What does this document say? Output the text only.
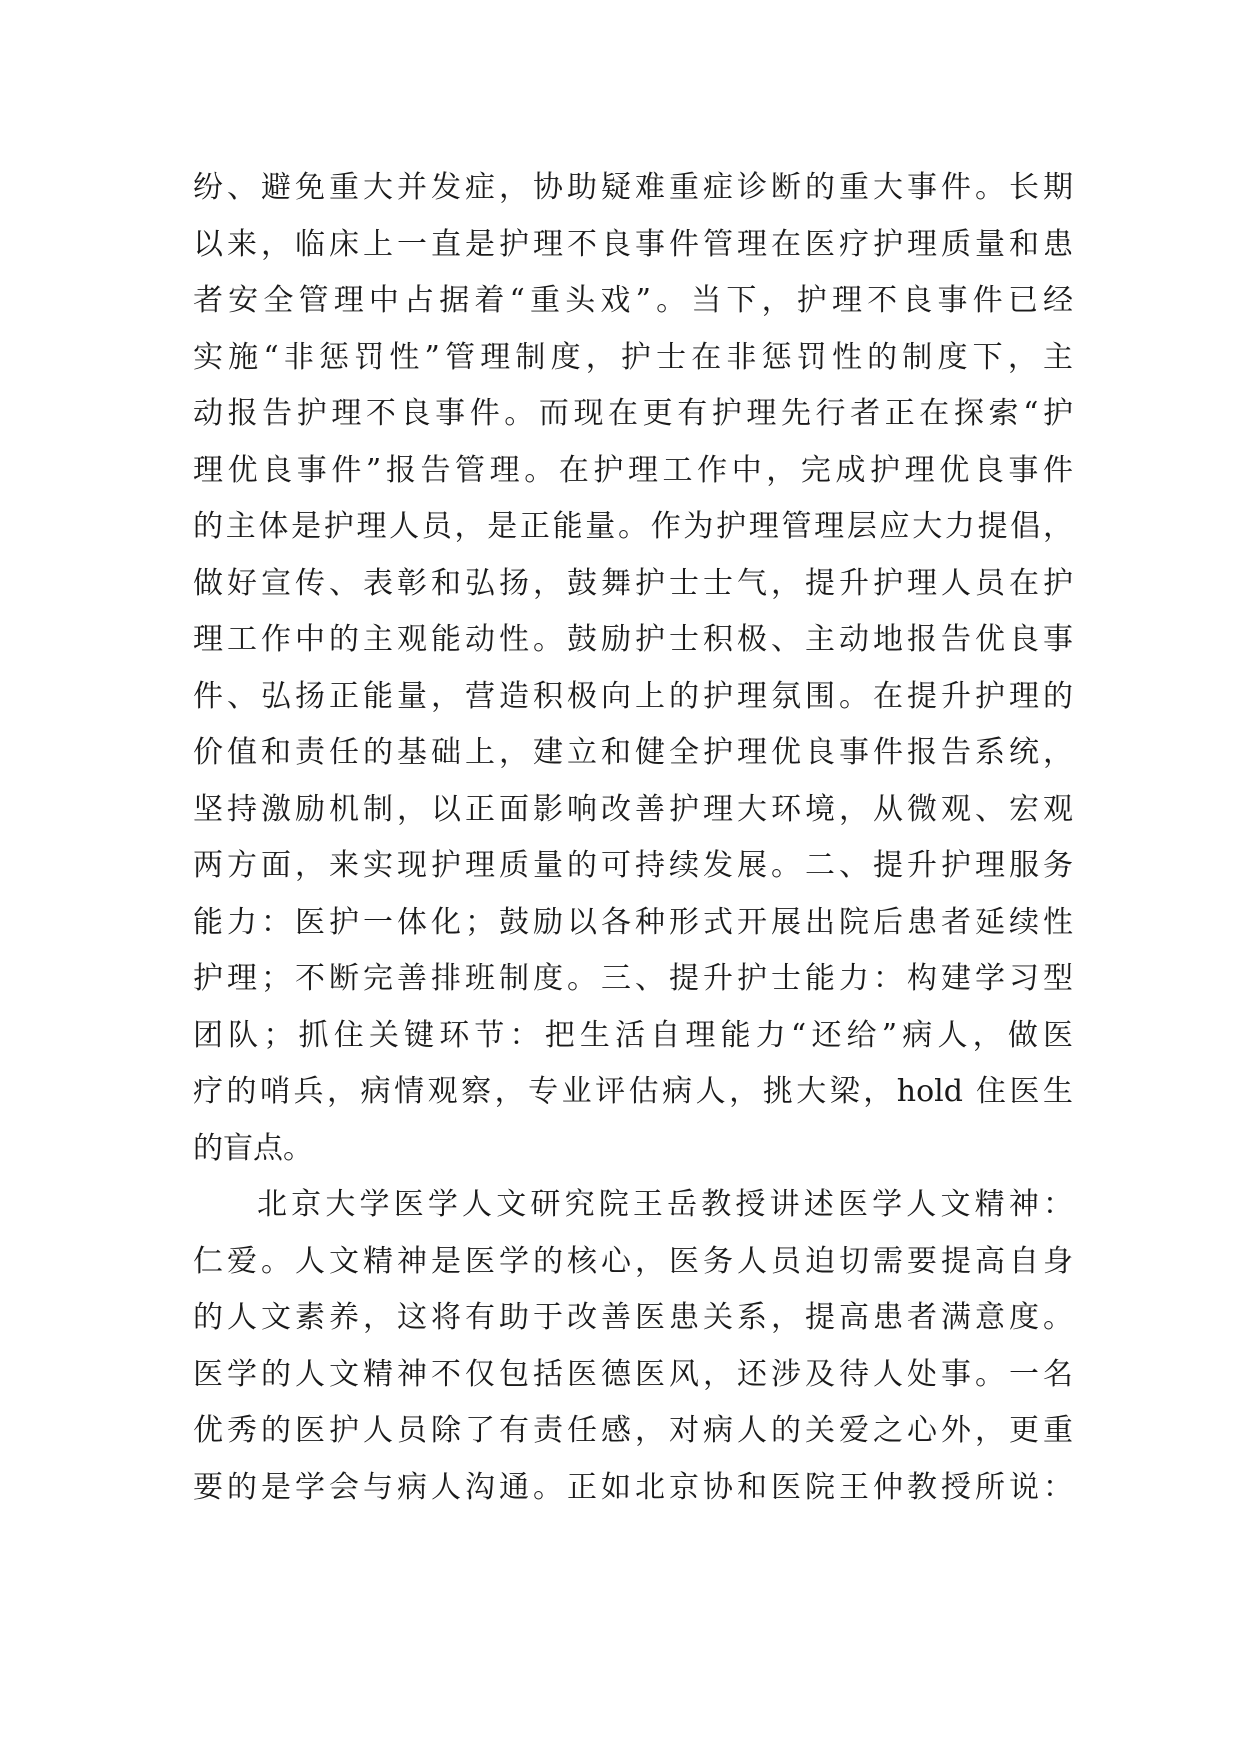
纷、避免重大并发症，协助疑难重症诊断的重大事件。长期
以来，临床上一直是护理不良事件管理在医疗护理质量和患
者安全管理中占据着“重头戏”。当下，护理不良事件已经
实施“非惩罚性”管理制度，护士在非惩罚性的制度下，主
动报告护理不良事件。而现在更有护理先行者正在探索“护
理优良事件”报告管理。在护理工作中，完成护理优良事件
的主体是护理人员，是正能量。作为护理管理层应大力提倡，
做好宣传、表彰和弘扬，鼓舞护士士气，提升护理人员在护
理工作中的主观能动性。鼓励护士积极、主动地报告优良事
件、弘扬正能量，营造积极向上的护理氛围。在提升护理的
价值和责任的基础上，建立和健全护理优良事件报告系统，
坚持激励机制，以正面影响改善护理大环境，从微观、宏观
两方面，来实现护理质量的可持续发展。二、提升护理服务
能力：医护一体化；鼓励以各种形式开展出院后患者延续性
护理；不断完善排班制度。三、提升护士能力：构建学习型
团队；抓住关键环节：把生活自理能力“还给”病人，做医
疗的哨兵，病情观察，专业评估病人，挑大梁，hold 住医生
的盲点。
北京大学医学人文研究院王岳教授讲述医学人文精神：
仁爱。人文精神是医学的核心，医务人员迫切需要提高自身
的人文素养，这将有助于改善医患关系，提高患者满意度。
医学的人文精神不仅包括医德医风，还涉及待人处事。一名
优秀的医护人员除了有责任感，对病人的关爱之心外，更重
要的是学会与病人沟通。正如北京协和医院王仲教授所说：
